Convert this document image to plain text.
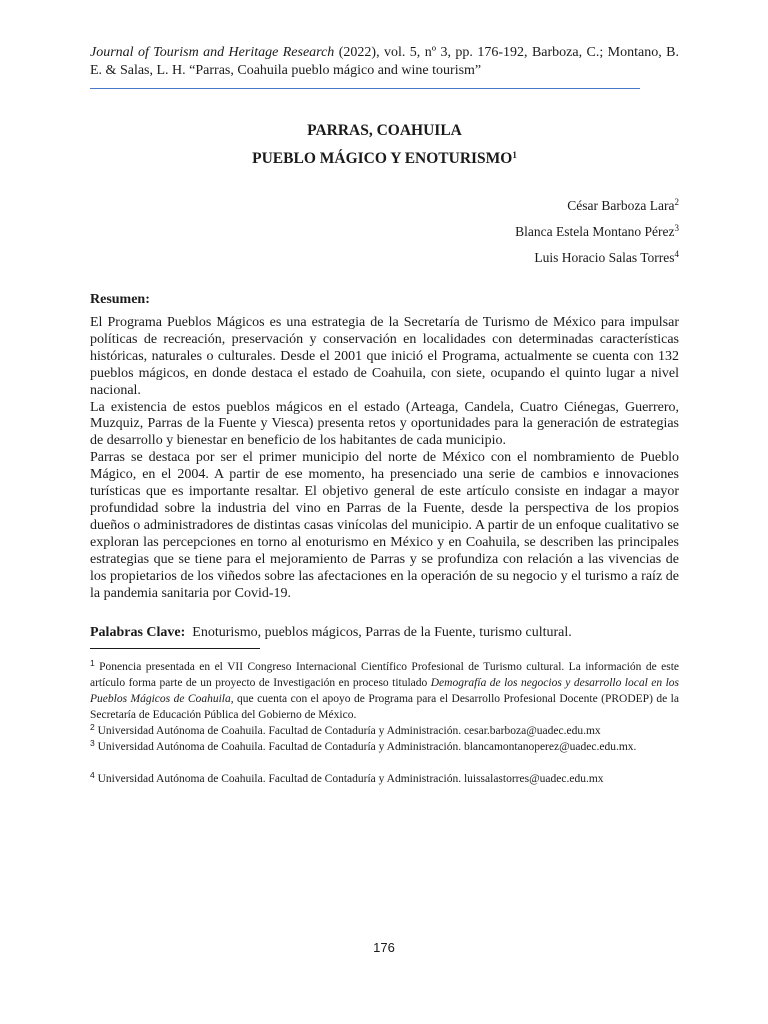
Journal of Tourism and Heritage Research (2022), vol. 5, nº 3, pp. 176-192, Barboza, C.; Montano, B. E. & Salas, L. H. “Parras, Coahuila pueblo mágico and wine tourism”
PARRAS, COAHUILA
PUEBLO MÁGICO Y ENOTURISMO$^1$
César Barboza Lara$^2$
Blanca Estela Montano Pérez$^3$
Luis Horacio Salas Torres$^4$
Resumen:

El Programa Pueblos Mágicos es una estrategia de la Secretaría de Turismo de México para impulsar políticas de recreación, preservación y conservación en localidades con determinadas características históricas, naturales o culturales. Desde el 2001 que inició el Programa, actualmente se cuenta con 132 pueblos mágicos, en donde destaca el estado de Coahuila, con siete, ocupando el quinto lugar a nivel nacional.

La existencia de estos pueblos mágicos en el estado (Arteaga, Candela, Cuatro Ciénegas, Guerrero, Muzquiz, Parras de la Fuente y Viesca) presenta retos y oportunidades para la generación de estrategias de desarrollo y bienestar en beneficio de los habitantes de cada municipio.

Parras se destaca por ser el primer municipio del norte de México con el nombramiento de Pueblo Mágico, en el 2004. A partir de ese momento, ha presenciado una serie de cambios e innovaciones turísticas que es importante resaltar. El objetivo general de este artículo consiste en indagar a mayor profundidad sobre la industria del vino en Parras de la Fuente, desde la perspectiva de los propios dueños o administradores de distintas casas vinícolas del municipio. A partir de un enfoque cualitativo se exploran las percepciones en torno al enoturismo en México y en Coahuila, se describen las principales estrategias que se tiene para el mejoramiento de Parras y se profundiza con relación a las vivencias de los propietarios de los viñedos sobre las afectaciones en la operación de su negocio y el turismo a raíz de la pandemia sanitaria por Covid-19.

Palabras Clave: Enoturismo, pueblos mágicos, Parras de la Fuente, turismo cultural.

$^1$ Ponencia presentada en el VII Congreso Internacional Científico Profesional de Turismo cultural. La información de este artículo forma parte de un proyecto de Investigación en proceso titulado Demografía de los negocios y desarrollo local en los Pueblos Mágicos de Coahuila, que cuenta con el apoyo de Programa para el Desarrollo Profesional Docente (PRODEP) de la Secretaría de Educación Pública del Gobierno de México.

$^2$ Universidad Autónoma de Coahuila. Facultad de Contaduría y Administración. cesar.barboza@uadec.edu.mx

$^3$ Universidad Autónoma de Coahuila. Facultad de Contaduría y Administración. blancamontanoperez@uadec.edu.mx.

$^4$ Universidad Autónoma de Coahuila. Facultad de Contaduría y Administración. luissalastorres@uadec.edu.mx

176
